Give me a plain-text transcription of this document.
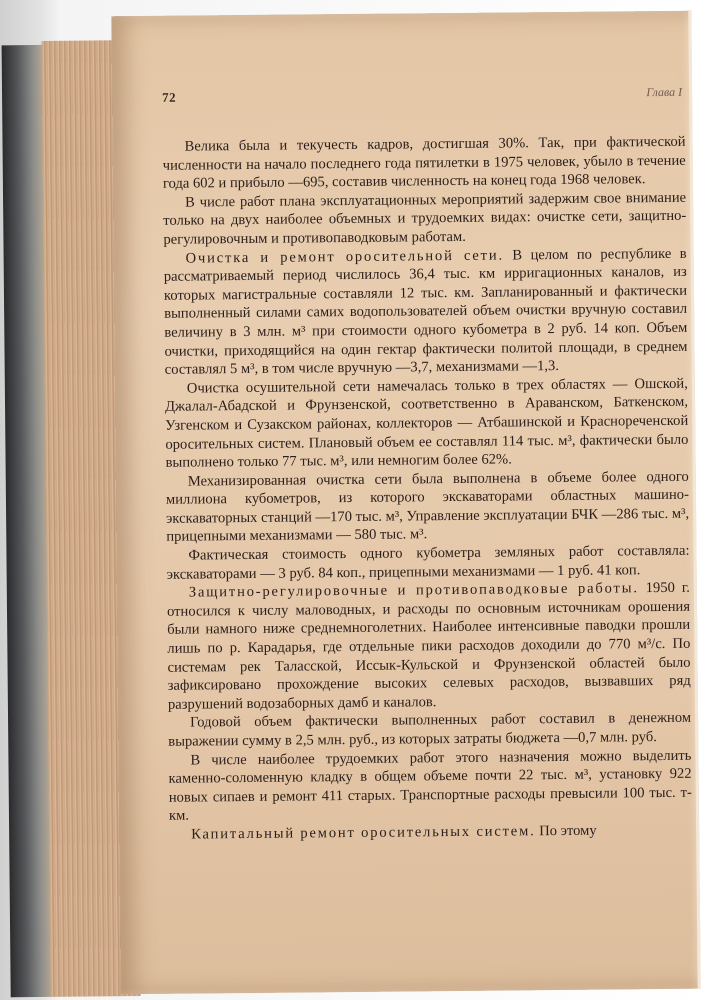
72	Глава I

Велика была и текучесть кадров, достигшая 30%. Так, при фактической численности на начало последнего года пятилетки в 1975 человек, убыло в течение года 602 и прибыло —695, составив численность на конец года 1968 человек.

В числе работ плана эксплуатационных мероприятий задержим свое внимание только на двух наиболее объемных и трудоемких видах: очистке сети, защитно-регулировочным и противопаводковым работам.

Очистка и ремонт оросительной сети. В целом по республике в рассматриваемый период числилось 36,4 тыс. км ирригационных каналов, из которых магистральные составляли 12 тыс. км. Запланированный и фактически выполненный силами самих водопользователей объем очистки вручную составил величину в 3 млн. м³ при стоимости одного кубометра в 2 руб. 14 коп. Объем очистки, приходящийся на один гектар фактически политой площади, в среднем составлял 5 м³, в том числе вручную —3,7, механизмами —1,3.

Очистка осушительной сети намечалась только в трех областях — Ошской, Джалал-Абадской и Фрунзенской, соответственно в Араванском, Баткенском, Узгенском и Сузакском районах, коллекторов — Атбашинской и Краснореченской оросительных систем. Плановый объем ее составлял 114 тыс. м³, фактически было выполнено только 77 тыс. м³, или немногим более 62%.

Механизированная очистка сети была выполнена в объеме более одного миллиона кубометров, из которого экскаваторами областных машино-экскаваторных станций —170 тыс. м³, Управление эксплуатации БЧК —286 тыс. м³, прицепными механизмами — 580 тыс. м³.

Фактическая стоимость одного кубометра земляных работ составляла: экскаваторами — 3 руб. 84 коп., прицепными механизмами — 1 руб. 41 коп.

Защитно-регулировочные и противопаводковые работы. 1950 г. относился к числу маловодных, и расходы по основным источникам орошения были намного ниже среднемноголетних. Наиболее интенсивные паводки прошли лишь по р. Карадарья, где отдельные пики расходов доходили до 770 м³/с. По системам рек Таласской, Иссык-Кульской и Фрунзенской областей было зафиксировано прохождение высоких селевых расходов, вызвавших ряд разрушений водозаборных дамб и каналов.

Годовой объем фактически выполненных работ составил в денежном выражении сумму в 2,5 млн. руб., из которых затраты бюджета —0,7 млн. руб.

В числе наиболее трудоемких работ этого назначения можно выделить каменно-соломенную кладку в общем объеме почти 22 тыс. м³, установку 922 новых сипаев и ремонт 411 старых. Транспортные расходы превысили 100 тыс. т-км.

Капитальный ремонт оросительных систем. По этому
